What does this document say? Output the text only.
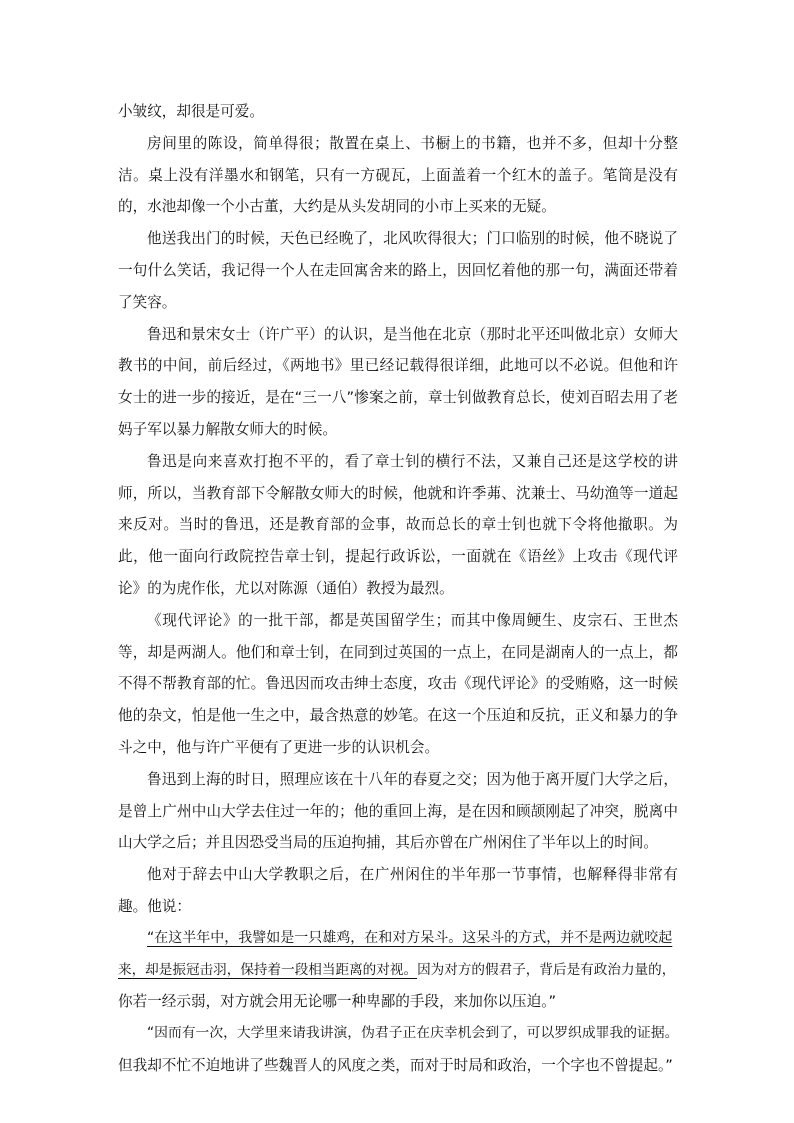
小皱纹，却很是可爱。

房间里的陈设，简单得很；散置在桌上、书橱上的书籍，也并不多，但却十分整洁。桌上没有洋墨水和钢笔，只有一方砚瓦，上面盖着一个红木的盖子。笔筒是没有的，水池却像一个小古董，大约是从头发胡同的小市上买来的无疑。

他送我出门的时候，天色已经晚了，北风吹得很大；门口临别的时候，他不晓说了一句什么笑话，我记得一个人在走回寓舍来的路上，因回忆着他的那一句，满面还带着了笑容。

鲁迅和景宋女士（许广平）的认识，是当他在北京（那时北平还叫做北京）女师大教书的中间，前后经过，《两地书》里已经记载得很详细，此地可以不必说。但他和许女士的进一步的接近，是在“三一八”惨案之前，章士钊做教育总长，使刘百昭去用了老妈子军以暴力解散女师大的时候。

鲁迅是向来喜欢打抱不平的，看了章士钊的横行不法，又兼自己还是这学校的讲师，所以，当教育部下令解散女师大的时候，他就和许季茀、沈兼士、马幼渔等一道起来反对。当时的鲁迅，还是教育部的佥事，故而总长的章士钊也就下令将他撤职。为此，他一面向行政院控告章士钊，提起行政诉讼，一面就在《语丝》上攻击《现代评论》的为虎作伥，尤以对陈源（通伯）教授为最烈。

《现代评论》的一批干部，都是英国留学生；而其中像周鲠生、皮宗石、王世杰等，却是两湖人。他们和章士钊，在同到过英国的一点上，在同是湖南人的一点上，都不得不帮教育部的忙。鲁迅因而攻击绅士态度，攻击《现代评论》的受贿赂，这一时候他的杂文，怕是他一生之中，最含热意的妙笔。在这一个压迫和反抗，正义和暴力的争斗之中，他与许广平便有了更进一步的认识机会。

鲁迅到上海的时日，照理应该在十八年的春夏之交；因为他于离开厦门大学之后，是曾上广州中山大学去住过一年的；他的重回上海，是在因和顾颉刚起了冲突，脱离中山大学之后；并且因恐受当局的压迫拘捕，其后亦曾在广州闲住了半年以上的时间。

他对于辞去中山大学教职之后，在广州闲住的半年那一节事情，也解释得非常有趣。他说：

“在这半年中，我譬如是一只雄鸡，在和对方呆斗。这呆斗的方式，并不是两边就咬起
来，却是振冠击羽，保持着一段相当距离的对视。因为对方的假君子，背后是有政治力量的，
你若一经示弱，对方就会用无论哪一种卑鄙的手段，来加你以压迫。”
“因而有一次，大学里来请我讲演，伪君子正在庆幸机会到了，可以罗织成罪我的证据。
但我却不忙不迫地讲了些魏晋人的风度之类，而对于时局和政治，一个字也不曾提起。”
